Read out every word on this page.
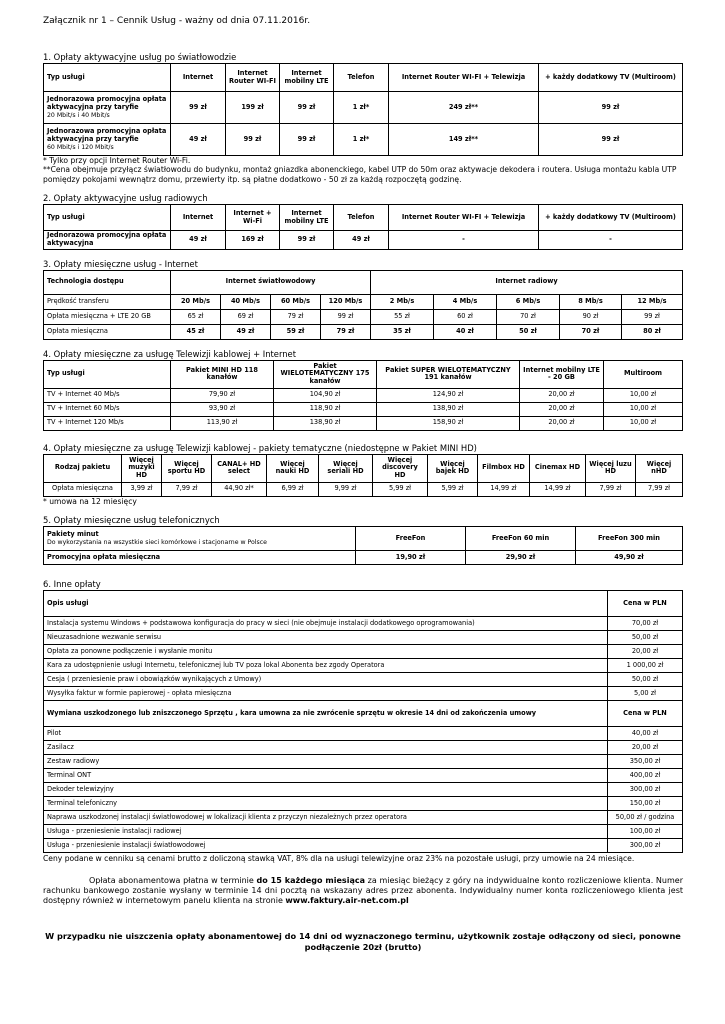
Załącznik nr 1 – Cennik Usług - ważny od dnia 07.11.2016r.
1. Opłaty aktywacyjne usług po światłowodzie
Typ usługi	Internet	Internet Router WI-FI	Internet mobilny LTE	Telefon	Internet Router WI-FI + Telewizja	+ każdy dodatkowy TV (Multiroom)

Jednorazowa promocyjna opłata aktywacyjna przy taryfie
20 Mbit/s i 40 Mbit/s	99 zł	199 zł	99 zł	1 zł*	249 zł**	99 zł

Jednorazowa promocyjna opłata aktywacyjna przy taryfie
60 Mbit/s i 120 Mbit/s	49 zł	99 zł	99 zł	1 zł*	149 zł**	99 zł
* Tylko przy opcji Internet Router Wi-Fi.
**Cena obejmuje przyłącz światłowodu do budynku, montaż gniazdka abonenckiego, kabel UTP do 50m oraz aktywacje dekodera i routera. Usługa montażu kabla UTP pomiędzy pokojami wewnątrz domu, przewierty itp. są płatne dodatkowo - 50 zł za każdą rozpoczętą godzinę.
2. Opłaty aktywacyjne usług radiowych
Typ usługi	Internet	Internet + Wi-Fi	Internet mobilny LTE	Telefon	Internet Router WI-FI + Telewizja	+ każdy dodatkowy TV (Multiroom)
Jednorazowa promocyjna opłata aktywacyjna	49 zł	169 zł	99 zł	49 zł	-	-
3. Opłaty miesięczne usług - Internet
Technologia dostępu	Internet światłowodowy				Internet radiowy				
Prędkość transferu	20 Mb/s	40 Mb/s	60 Mb/s	120 Mb/s	2 Mb/s	4 Mb/s	6 Mb/s	8 Mb/s	12 Mb/s
Opłata miesięczna + LTE 20 GB	65 zł	69 zł	79 zł	99 zł	55 zł	60 zł	70 zł	90 zł	99 zł
Opłata miesięczna	45 zł	49 zł	59 zł	79 zł	35 zł	40 zł	50 zł	70 zł	80 zł
4. Opłaty miesięczne za usługę Telewizji kablowej + Internet
Typ usługi	Pakiet MINI HD 118 kanałów	Pakiet WIELOTEMATYCZNY 175 kanałów	Pakiet SUPER WIELOTEMATYCZNY 191 kanałów	Internet mobilny LTE - 20 GB	Multiroom
TV + Internet 40 Mb/s	79,90 zł	104,90 zł	124,90 zł	20,00 zł	10,00 zł
TV + Internet 60 Mb/s	93,90 zł	118,90 zł	138,90 zł	20,00 zł	10,00 zł
TV + Internet 120 Mb/s	113,90 zł	138,90 zł	158,90 zł	20,00 zł	10,00 zł
4. Opłaty miesięczne za usługę Telewizji kablowej - pakiety tematyczne (niedostępne w Pakiet MINI HD)
Rodzaj pakietu	Więcej muzyki HD	Więcej sportu HD	CANAL+ HD select	Więcej nauki HD	Więcej seriali HD	Więcej discovery HD	Więcej bajek HD	Filmbox HD	Cinemax HD	Więcej luzu HD	Więcej nHD
Opłata miesięczna	3,99 zł	7,99 zł	44,90 zł*	6,99 zł	9,99 zł	5,99 zł	5,99 zł	14,99 zł	14,99 zł	7,99 zł	7,99 zł
* umowa na 12 miesięcy
5. Opłaty miesięczne usług telefonicznych
Pakiety minut
Do wykorzystania na wszystkie sieci komórkowe i stacjonarne w Polsce	FreeFon	FreeFon 60 min	FreeFon 300 min
Promocyjna opłata miesięczna	19,90 zł	29,90 zł	49,90 zł
6. Inne opłaty
Opis usługi	Cena w PLN
Instalacja systemu Windows + podstawowa konfiguracja do pracy w sieci (nie obejmuje instalacji dodatkowego oprogramowania)	70,00 zł
Nieuzasadnione wezwanie serwisu	50,00 zł
Opłata za ponowne podłączenie i wysłanie monitu	20,00 zł
Kara za udostępnienie usługi Internetu, telefonicznej lub TV poza lokal Abonenta bez zgody Operatora	1 000,00 zł
Cesja ( przeniesienie praw i obowiązków wynikających z Umowy)	50,00 zł
Wysyłka faktur w formie papierowej - opłata miesięczna	5,00 zł
Wymiana uszkodzonego lub zniszczonego Sprzętu , kara umowna za nie zwrócenie sprzętu w okresie 14 dni od zakończenia umowy	Cena w PLN
Pilot	40,00 zł
Zasilacz	20,00 zł
Zestaw radiowy	350,00 zł
Terminal ONT	400,00 zł
Dekoder telewizyjny	300,00 zł
Terminal telefoniczny	150,00 zł
Naprawa uszkodzonej instalacji światłowodowej w lokalizacji klienta z przyczyn niezależnych przez operatora	50,00 zł / godzina
Usługa - przeniesienie instalacji radiowej	100,00 zł
Usługa - przeniesienie instalacji światłowodowej	300,00 zł
Ceny podane w cenniku są cenami brutto z doliczoną stawką VAT, 8% dla na usługi telewizyjne oraz 23% na pozostałe usługi, przy umowie na 24 miesiące.
Opłata abonamentowa płatna w terminie do 15 każdego miesiąca za miesiąc bieżący z góry na indywidualne konto rozliczeniowe klienta. Numer rachunku bankowego zostanie wysłany w terminie 14 dni pocztą na wskazany adres przez abonenta. Indywidualny numer konta rozliczeniowego klienta jest dostępny również w internetowym panelu klienta na stronie www.faktury.air-net.com.pl
W przypadku nie uiszczenia opłaty abonamentowej do 14 dni od wyznaczonego terminu, użytkownik zostaje odłączony od sieci, ponowne podłączenie 20zł (brutto)
